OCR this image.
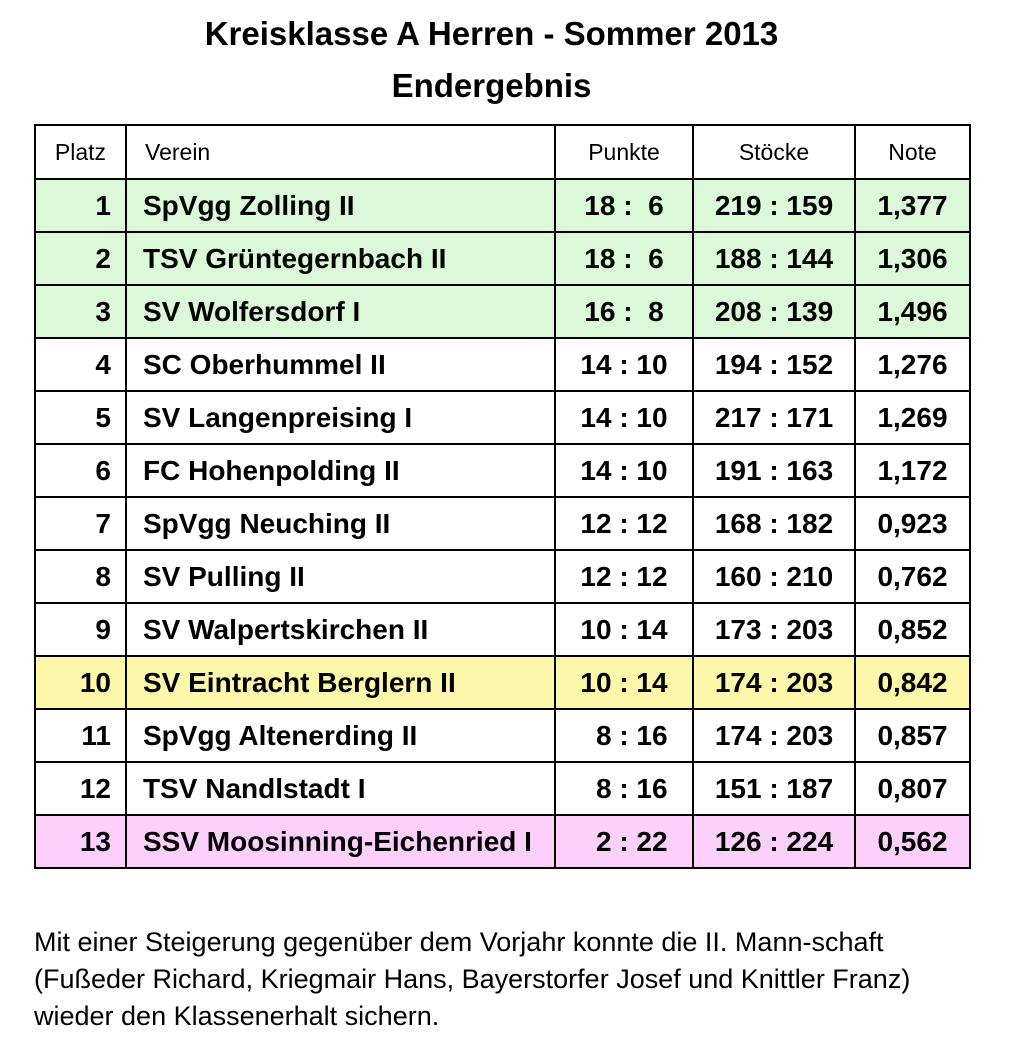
Kreisklasse A Herren - Sommer 2013
Endergebnis
Platz	Verein	Punkte	Stöcke	Note
1	SpVgg Zolling II	18 :  6	219 : 159	1,377
2	TSV Grüntegernbach II	18 :  6	188 : 144	1,306
3	SV Wolfersdorf I	16 :  8	208 : 139	1,496
4	SC Oberhummel II	14 : 10	194 : 152	1,276
5	SV Langenpreising I	14 : 10	217 : 171	1,269
6	FC Hohenpolding II	14 : 10	191 : 163	1,172
7	SpVgg Neuching II	12 : 12	168 : 182	0,923
8	SV Pulling II	12 : 12	160 : 210	0,762
9	SV Walpertskirchen II	10 : 14	173 : 203	0,852
10	SV Eintracht Berglern II	10 : 14	174 : 203	0,842
11	SpVgg Altenerding II	8 : 16	174 : 203	0,857
12	TSV Nandlstadt I	8 : 16	151 : 187	0,807
13	SSV Moosinning-Eichenried I	2 : 22	126 : 224	0,562
Mit einer Steigerung gegenüber dem Vorjahr konnte die II. Mann-schaft (Fußeder Richard, Kriegmair Hans, Bayerstorfer Josef und Knittler Franz) wieder den Klassenerhalt sichern.
